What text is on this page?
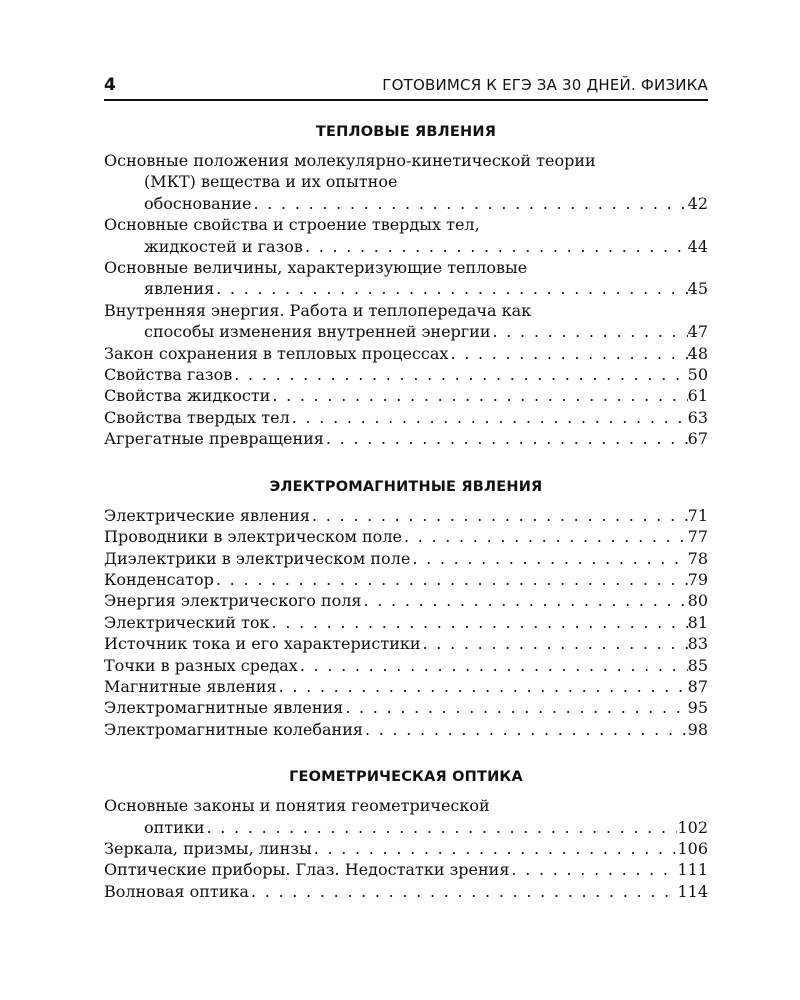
4	ГОТОВИМСЯ К ЕГЭ ЗА 30 ДНЕЙ. ФИЗИКА
ТЕПЛОВЫЕ ЯВЛЕНИЯ
Основные положения молекулярно-кинетической теории
(МКТ) вещества и их опытное
обоснование . . .	42
Основные свойства и строение твердых тел,
жидкостей и газов . . .	44
Основные величины, характеризующие тепловые
явления . . .	45
Внутренняя энергия. Работа и теплопередача как
способы изменения внутренней энергии . . .	47
Закон сохранения в тепловых процессах . . .	48
Свойства газов . . .	50
Свойства жидкости . . .	61
Свойства твердых тел . . .	63
Агрегатные превращения . . .	67
ЭЛЕКТРОМАГНИТНЫЕ ЯВЛЕНИЯ
Электрические явления . . .	71
Проводники в электрическом поле . . .	77
Диэлектрики в электрическом поле . . .	78
Конденсатор . . .	79
Энергия электрического поля . . .	80
Электрический ток . . .	81
Источник тока и его характеристики . . .	83
Точки в разных средах . . .	85
Магнитные явления . . .	87
Электромагнитные явления . . .	95
Электромагнитные колебания . . .	98
ГЕОМЕТРИЧЕСКАЯ ОПТИКА
Основные законы и понятия геометрической
оптики . . .	102
Зеркала, призмы, линзы . . .	106
Оптические приборы. Глаз. Недостатки зрения . . .	111
Волновая оптика . . .	114
